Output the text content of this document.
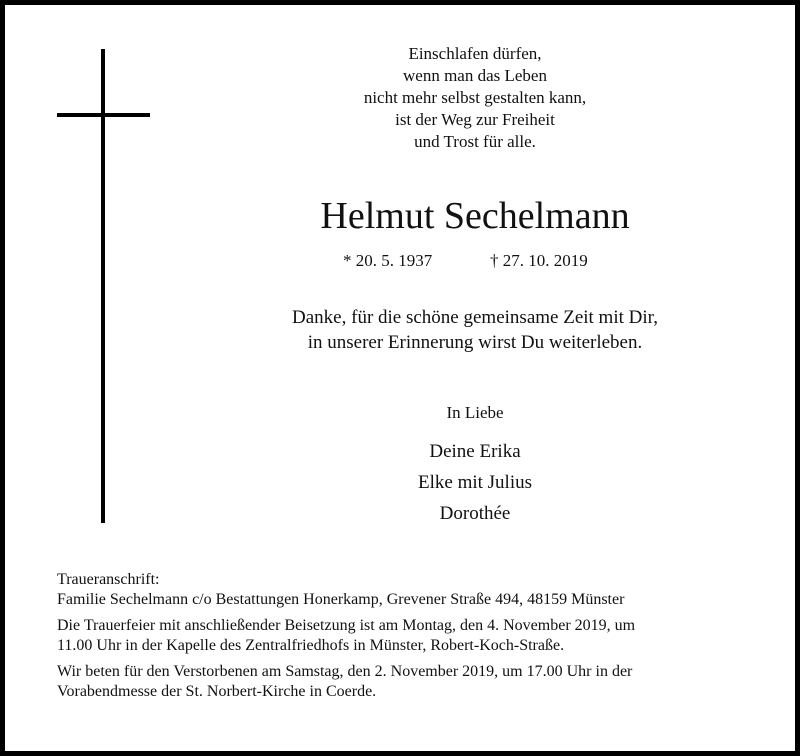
Einschlafen dürfen,
wenn man das Leben
nicht mehr selbst gestalten kann,
ist der Weg zur Freiheit
und Trost für alle.
Helmut Sechelmann
* 20. 5. 1937	† 27. 10. 2019
Danke, für die schöne gemeinsame Zeit mit Dir,
in unserer Erinnerung wirst Du weiterleben.
In Liebe
Deine Erika
Elke mit Julius
Dorothée

Traueranschrift:

Familie Sechelmann c/o Bestattungen Honerkamp, Grevener Straße 494, 48159 Münster

Die Trauerfeier mit anschließender Beisetzung ist am Montag, den 4. November 2019, um

11.00 Uhr in der Kapelle des Zentralfriedhofs in Münster, Robert-Koch-Straße.

Wir beten für den Verstorbenen am Samstag, den 2. November 2019, um 17.00 Uhr in der

Vorabendmesse der St. Norbert-Kirche in Coerde.
